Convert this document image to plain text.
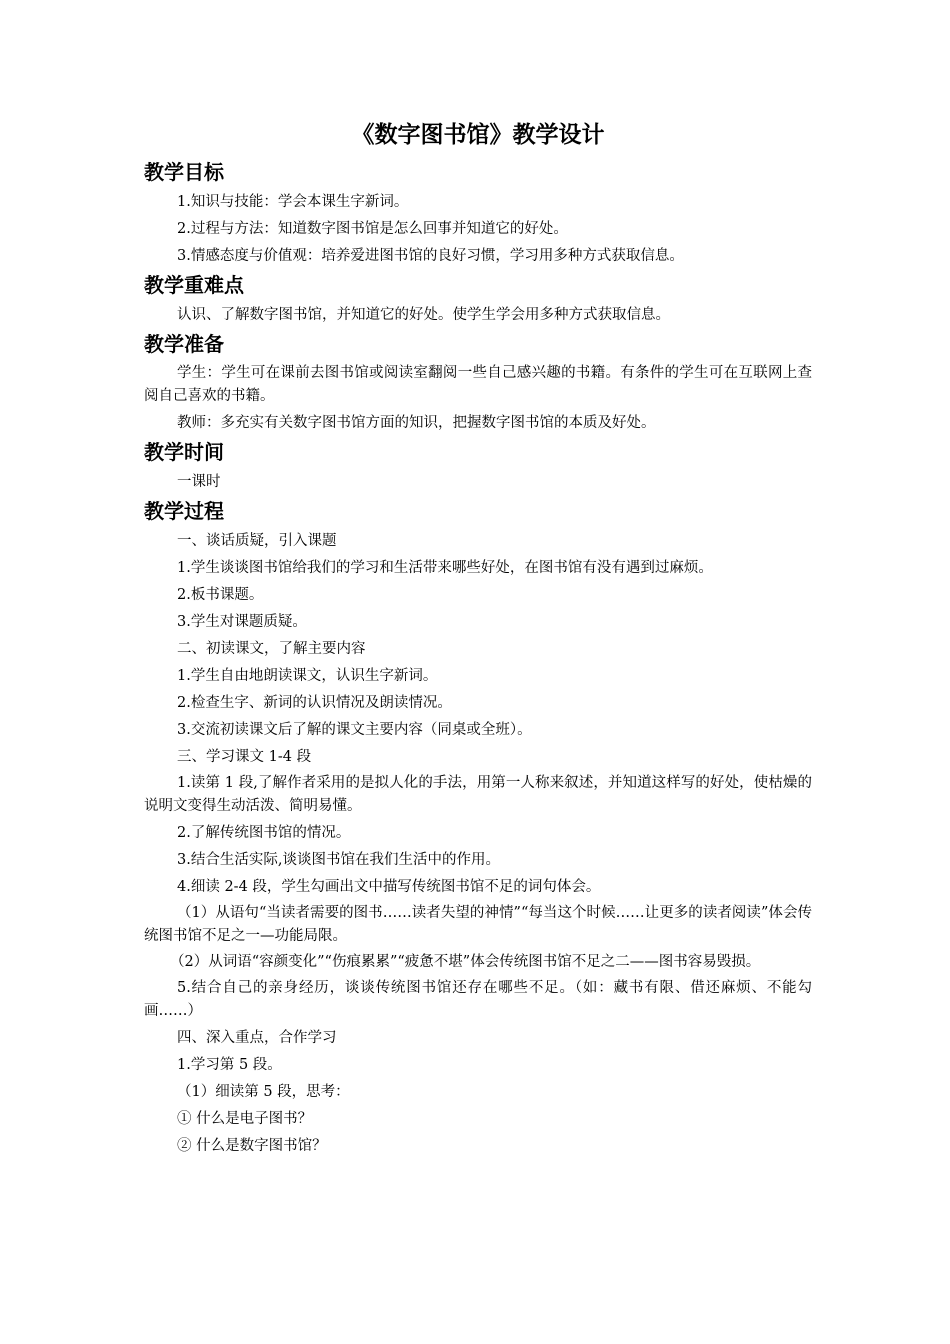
《数字图书馆》教学设计
教学目标

1.知识与技能：学会本课生字新词。

2.过程与方法：知道数字图书馆是怎么回事并知道它的好处。

3.情感态度与价值观：培养爱进图书馆的良好习惯，学习用多种方式获取信息。

教学重难点

认识、了解数字图书馆，并知道它的好处。使学生学会用多种方式获取信息。

教学准备

学生：学生可在课前去图书馆或阅读室翻阅一些自己感兴趣的书籍。有条件的学生可在互联网上查阅自己喜欢的书籍。

教师：多充实有关数字图书馆方面的知识，把握数字图书馆的本质及好处。

教学时间

一课时

教学过程

一、谈话质疑，引入课题

1.学生谈谈图书馆给我们的学习和生活带来哪些好处，在图书馆有没有遇到过麻烦。

2.板书课题。

3.学生对课题质疑。

二、初读课文，了解主要内容

1.学生自由地朗读课文，认识生字新词。

2.检查生字、新词的认识情况及朗读情况。

3.交流初读课文后了解的课文主要内容（同桌或全班）。

三、学习课文 1-4 段

1.读第 1 段,了解作者采用的是拟人化的手法，用第一人称来叙述，并知道这样写的好处，使枯燥的说明文变得生动活泼、简明易懂。

2.了解传统图书馆的情况。

3.结合生活实际,谈谈图书馆在我们生活中的作用。

4.细读 2-4 段，学生勾画出文中描写传统图书馆不足的词句体会。

（1）从语句“当读者需要的图书……读者失望的神情”“每当这个时候……让更多的读者阅读”体会传统图书馆不足之一—功能局限。

（2）从词语“容颜变化”“伤痕累累”“疲惫不堪”体会传统图书馆不足之二——图书容易毁损。

5.结合自己的亲身经历，谈谈传统图书馆还存在哪些不足。（如：藏书有限、借还麻烦、不能勾画……）

四、深入重点，合作学习

1.学习第 5 段。

（1）细读第 5 段，思考：

① 什么是电子图书？

② 什么是数字图书馆？
